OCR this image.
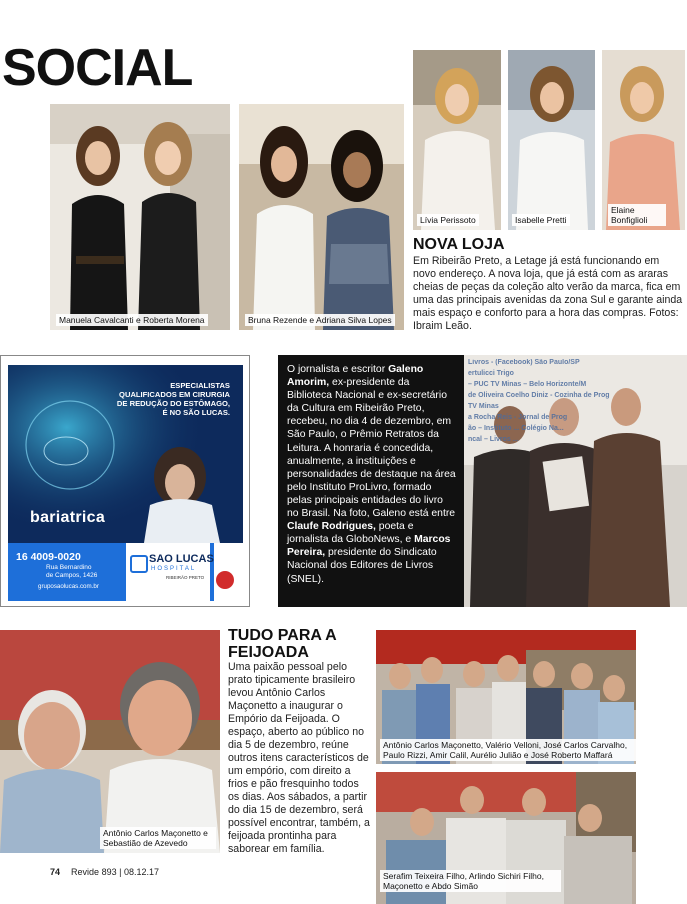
SOCIAL
Manuela Cavalcanti e Roberta Morena	Bruna Rezende e Adriana Silva Lopes
Lívia Perissoto	Isabelle Pretti
Elaine Bonfiglioli
NOVA LOJA
Em Ribeirão Preto, a Letage já está funcionando em novo endereço. A nova loja, que já está com as araras cheias de peças da coleção alto verão da marca, fica em uma das principais avenidas da zona Sul e garante ainda mais espaço e conforto para a hora das compras. Fotos: Ibraim Leão.
ESPECIALISTAS QUALIFICADOS EM CIRURGIA DE REDUÇÃO DO ESTÔMAGO, É NO SÃO LUCAS.
bariatrica
16 4009-0020
Rua Bernardino
de Campos, 1426
gruposaolucas.com.br
SAO LUCAS
HOSPITAL
RIBEIRÃO PRETO
O jornalista e escritor Galeno Amorim, ex-presidente da Biblioteca Nacional e ex-secretário da Cultura em Ribeirão Preto, recebeu, no dia 4 de dezembro, em São Paulo, o Prêmio Retratos da Leitura. A honraria é concedida, anualmente, a instituições e personalidades de destaque na área pelo Instituto ProLivro, formado pelas principais entidades do livro no Brasil. Na foto, Galeno está entre Claufe Rodrigues, poeta e jornalista da GloboNews, e Marcos Pereira, presidente do Sindicato Nacional dos Editores de Livros (SNEL).
Livros - (Facebook) São Paulo/SP
ertulicci Trigo
– PUC TV Minas – Belo Horizonte/M
de Oliveira Coelho Diniz - Cozinha de Prog
TV Minas
a Rocha Reis - Jornal de Prog
ão – Instituto ... Colégio Na...
ncal – Livros ...
Antônio Carlos Maçonetto e Sebastião de Azevedo
TUDO PARA A FEIJOADA
Uma paixão pessoal pelo prato tipicamente brasileiro levou Antônio Carlos Maçonetto a inaugurar o Empório da Feijoada. O espaço, aberto ao público no dia 5 de dezembro, reúne outros itens característicos de um empório, com direito a frios e pão fresquinho todos os dias. Aos sábados, a partir do dia 15 de dezembro, será possível encontrar, também, a feijoada prontinha para saborear em família.
Antônio Carlos Maçonetto, Valério Velloni, José Carlos Carvalho, Paulo Rizzi, Amir Calil, Aurélio Julião e José Roberto Maffará
Serafim Teixeira Filho, Arlindo Sichiri Filho, Maçonetto e Abdo Simão
74 Revide 893 | 08.12.17
